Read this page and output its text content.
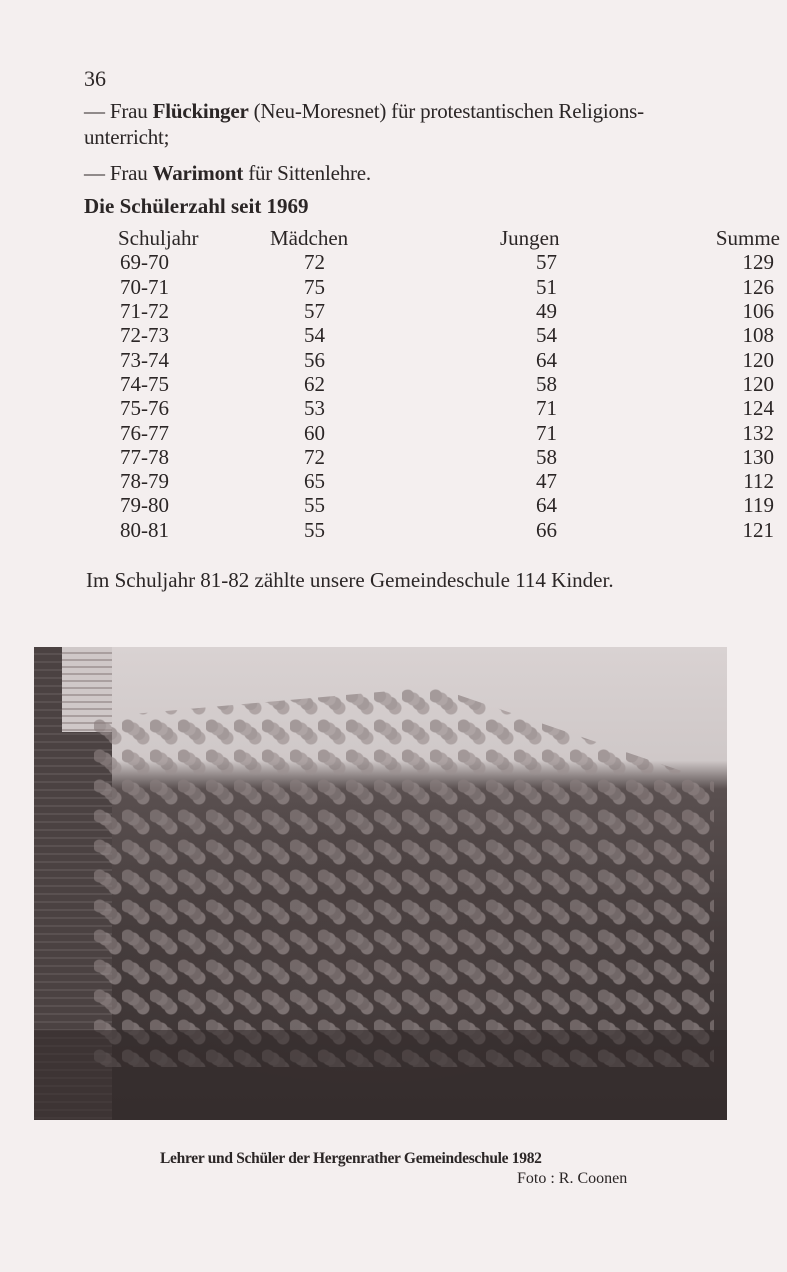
36
— Frau Flückinger (Neu-Moresnet) für protestantischen Religions-unterricht;
— Frau Warimont für Sittenlehre.
Die Schülerzahl seit 1969
Schuljahr	Mädchen	Jungen	Summe
69-70	72	57	129
70-71	75	51	126
71-72	57	49	106
72-73	54	54	108
73-74	56	64	120
74-75	62	58	120
75-76	53	71	124
76-77	60	71	132
77-78	72	58	130
78-79	65	47	112
79-80	55	64	119
80-81	55	66	121
Im Schuljahr 81-82 zählte unsere Gemeindeschule 114 Kinder.
Lehrer und Schüler der Hergenrather Gemeindeschule 1982
Foto : R. Coonen
